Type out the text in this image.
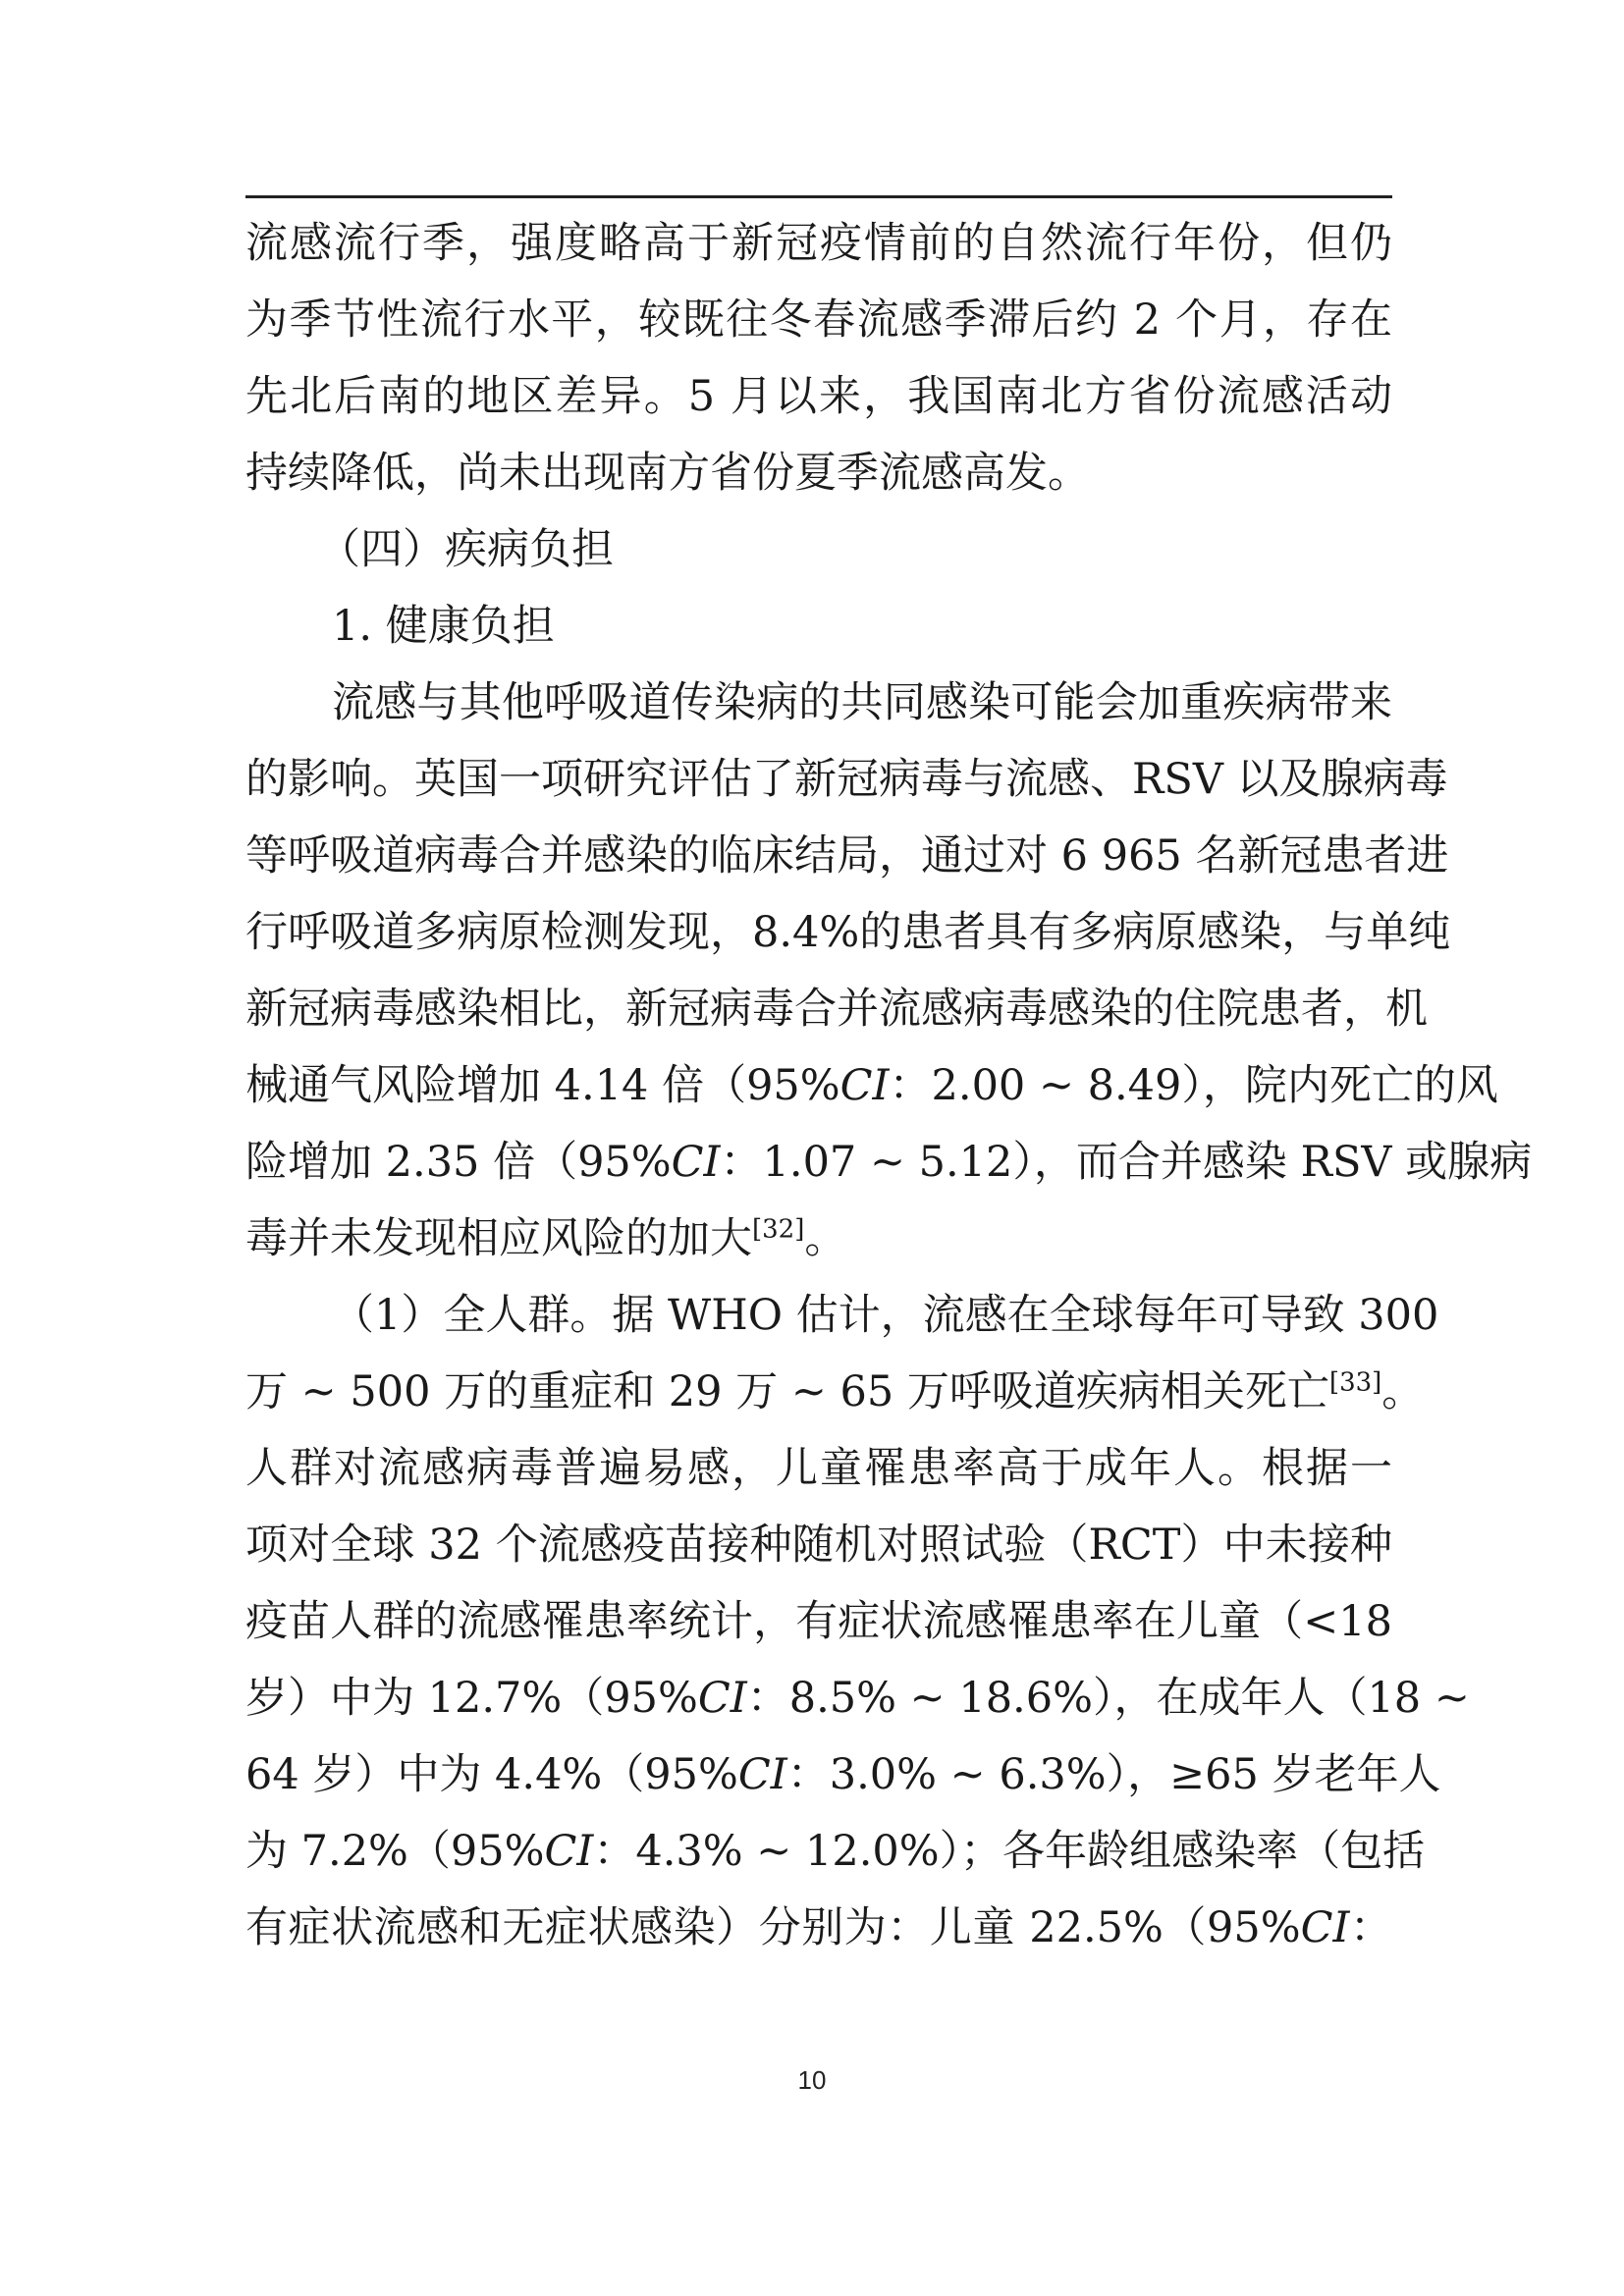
流感流行季，强度略高于新冠疫情前的自然流行年份，但仍
为季节性流行水平，较既往冬春流感季滞后约 2 个月，存在
先北后南的地区差异。5 月以来，我国南北方省份流感活动
持续降低，尚未出现南方省份夏季流感高发。
（四）疾病负担
1. 健康负担
流感与其他呼吸道传染病的共同感染可能会加重疾病带来
的影响。英国一项研究评估了新冠病毒与流感、RSV 以及腺病毒
等呼吸道病毒合并感染的临床结局，通过对 6 965 名新冠患者进
行呼吸道多病原检测发现，8.4%的患者具有多病原感染，与单纯
新冠病毒感染相比，新冠病毒合并流感病毒感染的住院患者，机
械通气风险增加 4.14 倍（95%CI：2.00 ~ 8.49），院内死亡的风
险增加 2.35 倍（95%CI：1.07 ~ 5.12），而合并感染 RSV 或腺病
毒并未发现相应风险的加大[32]。
（1）全人群。据 WHO 估计，流感在全球每年可导致 300
万 ~ 500 万的重症和 29 万 ~ 65 万呼吸道疾病相关死亡[33]。
人群对流感病毒普遍易感，儿童罹患率高于成年人。根据一
项对全球 32 个流感疫苗接种随机对照试验（RCT）中未接种
疫苗人群的流感罹患率统计，有症状流感罹患率在儿童（<18
岁）中为 12.7%（95%CI：8.5% ~ 18.6%），在成年人（18 ~
64 岁）中为 4.4%（95%CI：3.0% ~ 6.3%），≥65 岁老年人
为 7.2%（95%CI：4.3% ~ 12.0%）；各年龄组感染率（包括
有症状流感和无症状感染）分别为：儿童 22.5%（95%CI：
10
